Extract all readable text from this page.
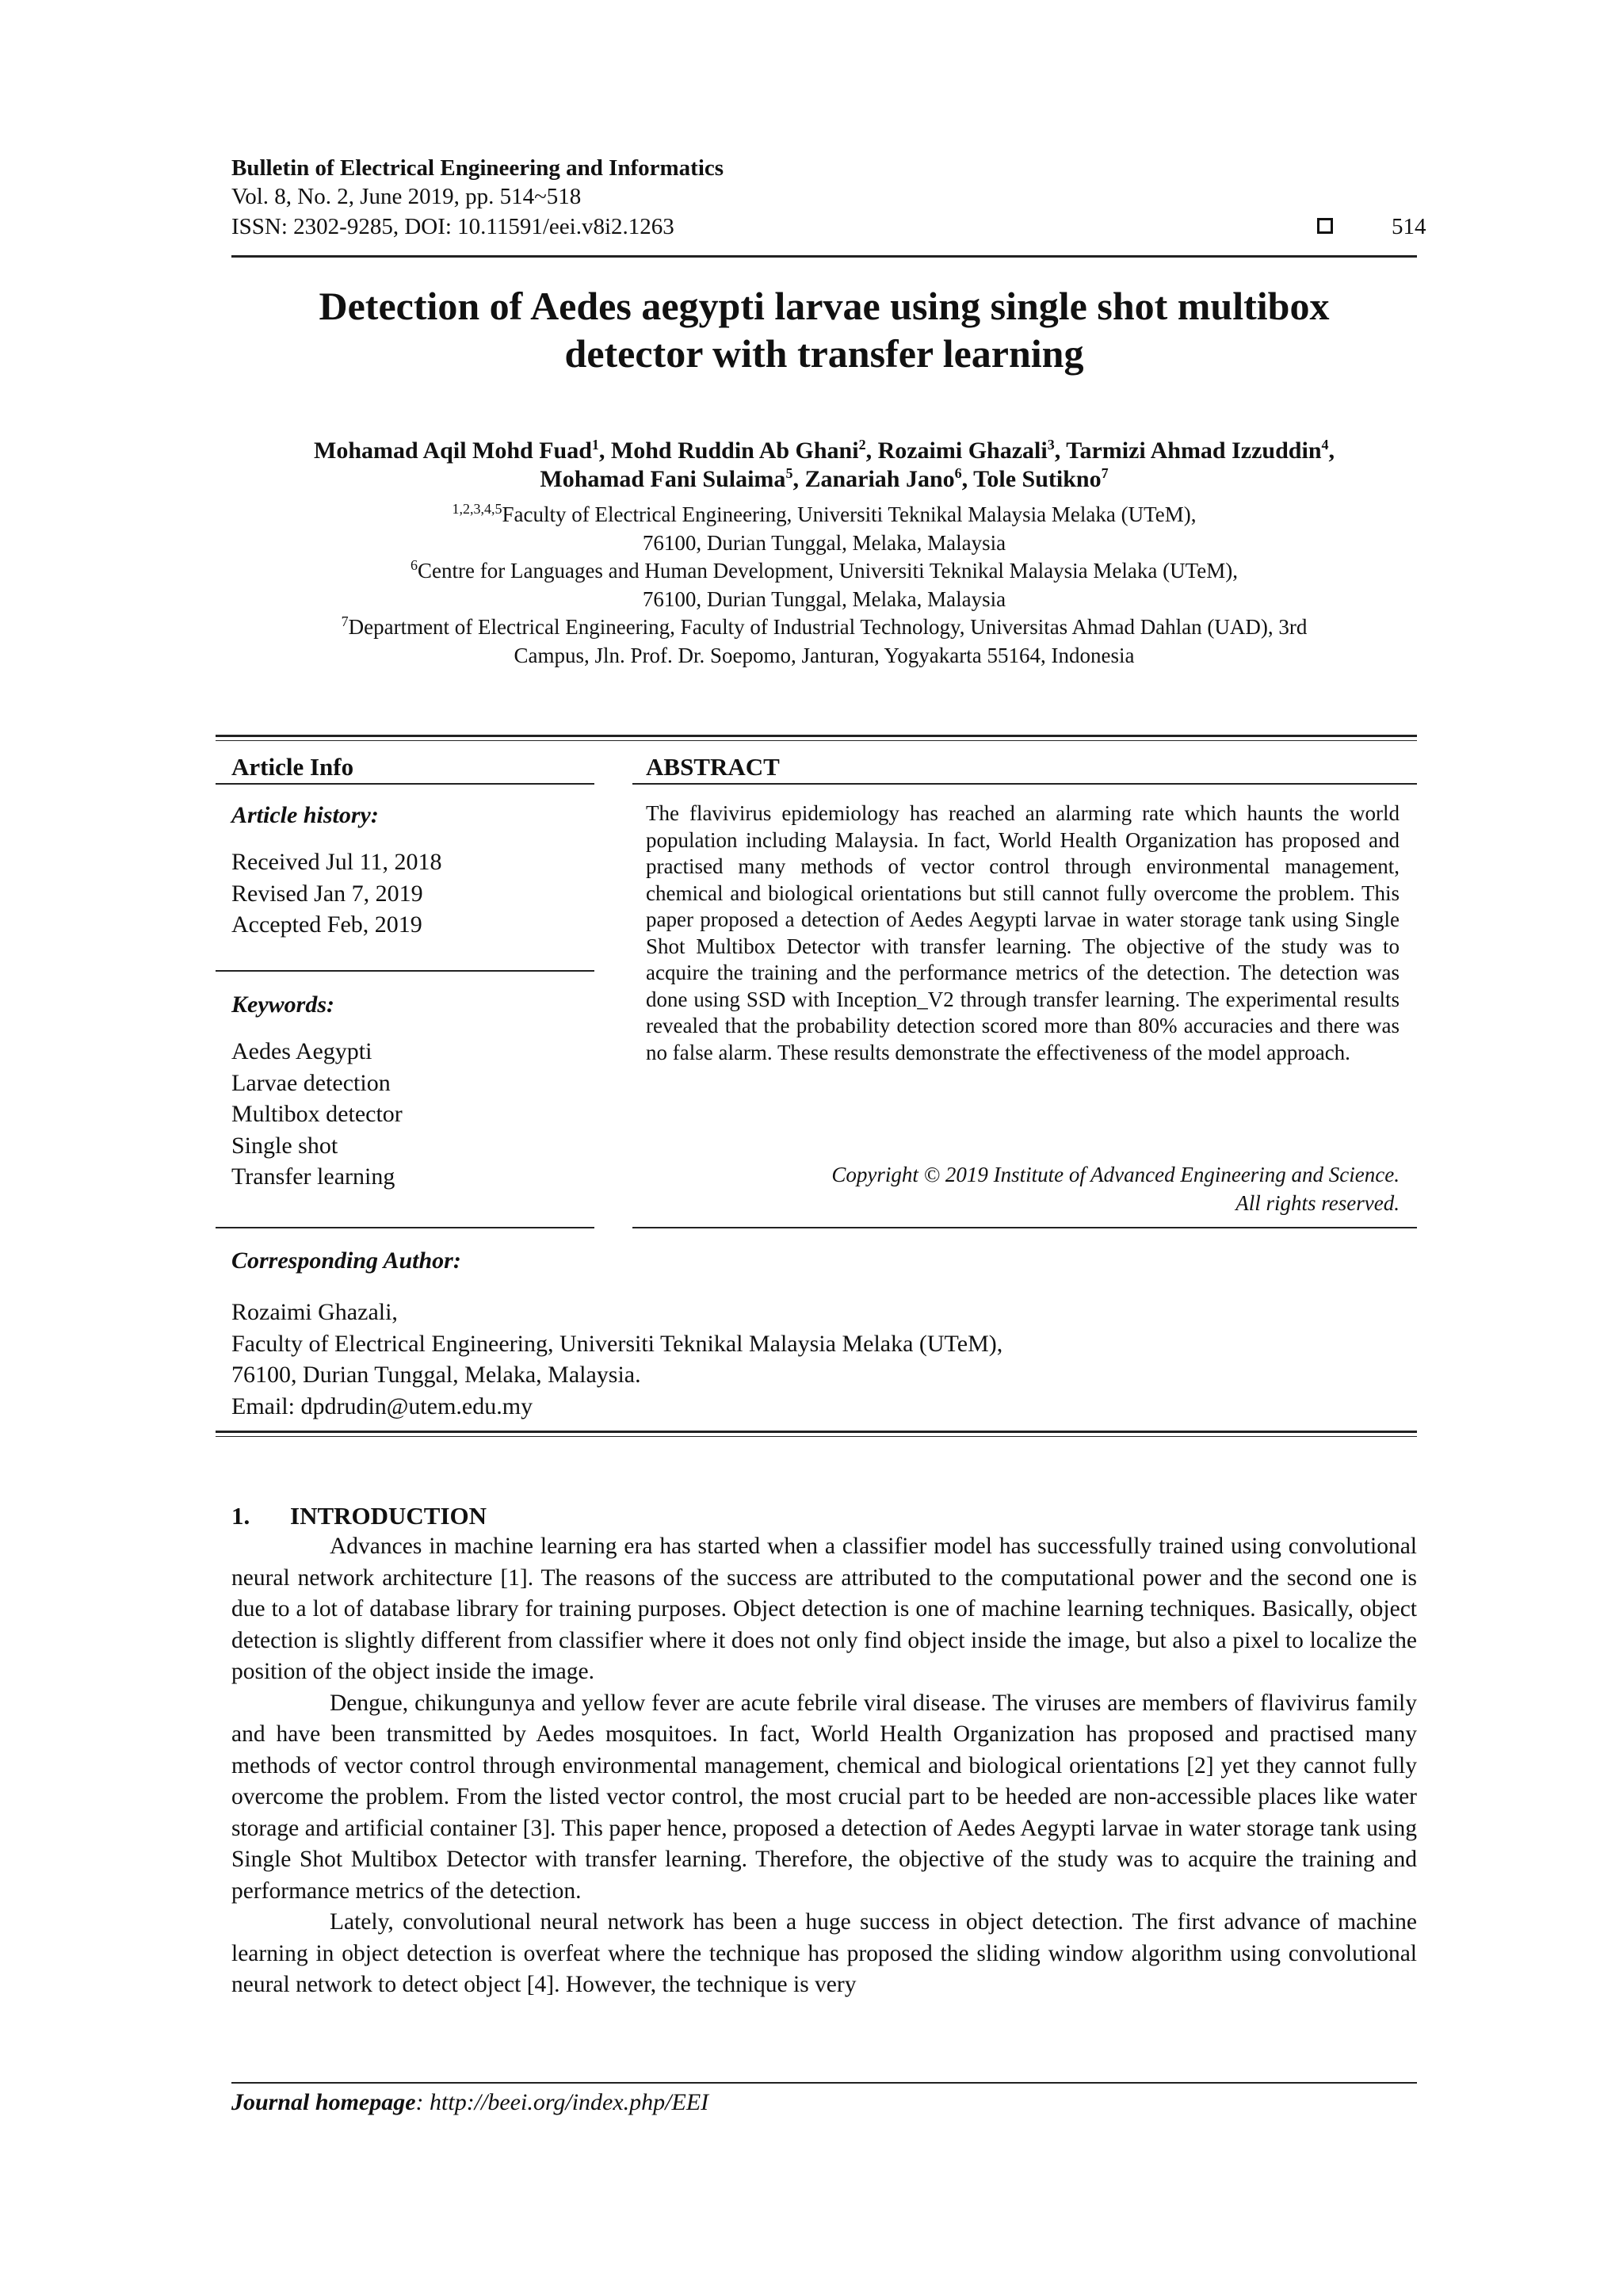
Bulletin of Electrical Engineering and Informatics
Vol. 8, No. 2, June 2019, pp. 514~518
ISSN: 2302-9285, DOI: 10.11591/eei.v8i2.1263	514
Detection of Aedes aegypti larvae using single shot multibox
detector with transfer learning
Mohamad Aqil Mohd Fuad$^1$, Mohd Ruddin Ab Ghani$^2$, Rozaimi Ghazali$^3$, Tarmizi Ahmad Izzuddin$^4$,
Mohamad Fani Sulaima$^5$, Zanariah Jano$^6$, Tole Sutikno$^7$
$^{1,2,3,4,5}$Faculty of Electrical Engineering, Universiti Teknikal Malaysia Melaka (UTeM),
76100, Durian Tunggal, Melaka, Malaysia
$^6$Centre for Languages and Human Development, Universiti Teknikal Malaysia Melaka (UTeM),
76100, Durian Tunggal, Melaka, Malaysia
$^7$Department of Electrical Engineering, Faculty of Industrial Technology, Universitas Ahmad Dahlan (UAD), 3rd
Campus, Jln. Prof. Dr. Soepomo, Janturan, Yogyakarta 55164, Indonesia
Article Info
Article history:
Received Jul 11, 2018
Revised Jan 7, 2019
Accepted Feb, 2019
Keywords:
Aedes Aegypti
Larvae detection
Multibox detector
Single shot
Transfer learning
ABSTRACT
The flavivirus epidemiology has reached an alarming rate which haunts the world population including Malaysia. In fact, World Health Organization has proposed and practised many methods of vector control through environmental management, chemical and biological orientations but still cannot fully overcome the problem. This paper proposed a detection of Aedes Aegypti larvae in water storage tank using Single Shot Multibox Detector with transfer learning. The objective of the study was to acquire the training and the performance metrics of the detection. The detection was done using SSD with Inception_V2 through transfer learning. The experimental results revealed that the probability detection scored more than 80% accuracies and there was no false alarm. These results demonstrate the effectiveness of the model approach.
Copyright © 2019 Institute of Advanced Engineering and Science.
All rights reserved.
Corresponding Author:
Rozaimi Ghazali,
Faculty of Electrical Engineering, Universiti Teknikal Malaysia Melaka (UTeM),
76100, Durian Tunggal, Melaka, Malaysia.
Email: dpdrudin@utem.edu.my
1. INTRODUCTION

Advances in machine learning era has started when a classifier model has successfully trained using convolutional neural network architecture [1]. The reasons of the success are attributed to the computational power and the second one is due to a lot of database library for training purposes. Object detection is one of machine learning techniques. Basically, object detection is slightly different from classifier where it does not only find object inside the image, but also a pixel to localize the position of the object inside the image.

Dengue, chikungunya and yellow fever are acute febrile viral disease. The viruses are members of flavivirus family and have been transmitted by Aedes mosquitoes. In fact, World Health Organization has proposed and practised many methods of vector control through environmental management, chemical and biological orientations [2] yet they cannot fully overcome the problem. From the listed vector control, the most crucial part to be heeded are non-accessible places like water storage and artificial container [3]. This paper hence, proposed a detection of Aedes Aegypti larvae in water storage tank using Single Shot Multibox Detector with transfer learning. Therefore, the objective of the study was to acquire the training and performance metrics of the detection.

Lately, convolutional neural network has been a huge success in object detection. The first advance of machine learning in object detection is overfeat where the technique has proposed the sliding window algorithm using convolutional neural network to detect object [4]. However, the technique is very

Journal homepage: http://beei.org/index.php/EEI
